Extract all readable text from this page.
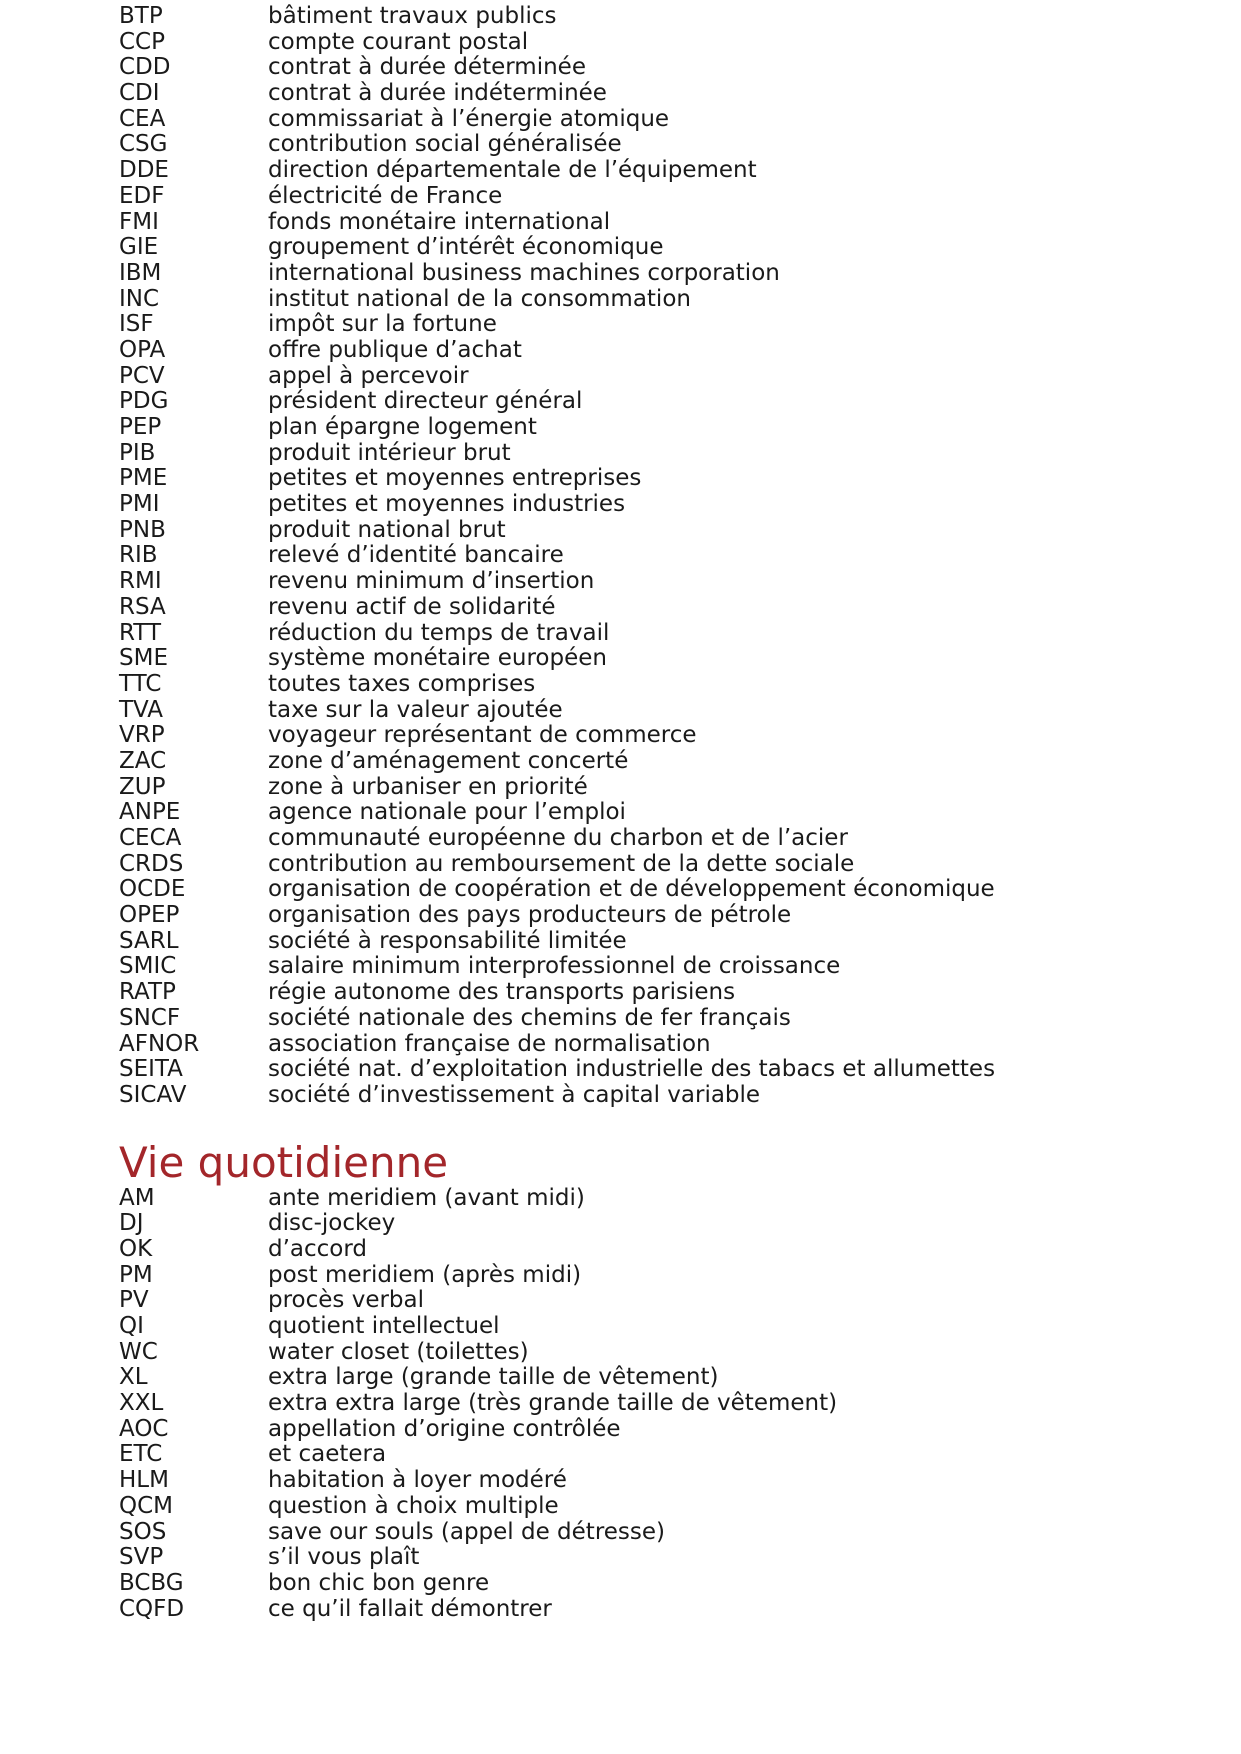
BTP	bâtiment travaux publics
CCP	compte courant postal
CDD	contrat à durée déterminée
CDI	contrat à durée indéterminée
CEA	commissariat à l’énergie atomique
CSG	contribution social généralisée
DDE	direction départementale de l’équipement
EDF	électricité de France
FMI	fonds monétaire international
GIE	groupement d’intérêt économique
IBM	international business machines corporation
INC	institut national de la consommation
ISF	impôt sur la fortune
OPA	offre publique d’achat
PCV	appel à percevoir
PDG	président directeur général
PEP	plan épargne logement
PIB	produit intérieur brut
PME	petites et moyennes entreprises
PMI	petites et moyennes industries
PNB	produit national brut
RIB	relevé d’identité bancaire
RMI	revenu minimum d’insertion
RSA	revenu actif de solidarité
RTT	réduction du temps de travail
SME	système monétaire européen
TTC	toutes taxes comprises
TVA	taxe sur la valeur ajoutée
VRP	voyageur représentant de commerce
ZAC	zone d’aménagement concerté
ZUP	zone à urbaniser en priorité
ANPE	agence nationale pour l’emploi
CECA	communauté européenne du charbon et de l’acier
CRDS	contribution au remboursement de la dette sociale
OCDE	organisation de coopération et de développement économique
OPEP	organisation des pays producteurs de pétrole
SARL	société à responsabilité limitée
SMIC	salaire minimum interprofessionnel de croissance
RATP	régie autonome des transports parisiens
SNCF	société nationale des chemins de fer français
AFNOR	association française de normalisation
SEITA	société nat. d’exploitation industrielle des tabacs et allumettes
SICAV	société d’investissement à capital variable
Vie quotidienne
AM	ante meridiem (avant midi)
DJ	disc-jockey
OK	d’accord
PM	post meridiem (après midi)
PV	procès verbal
QI	quotient intellectuel
WC	water closet (toilettes)
XL	extra large (grande taille de vêtement)
XXL	extra extra large (très grande taille de vêtement)
AOC	appellation d’origine contrôlée
ETC	et caetera
HLM	habitation à loyer modéré
QCM	question à choix multiple
SOS	save our souls (appel de détresse)
SVP	s’il vous plaît
BCBG	bon chic bon genre
CQFD	ce qu’il fallait démontrer
